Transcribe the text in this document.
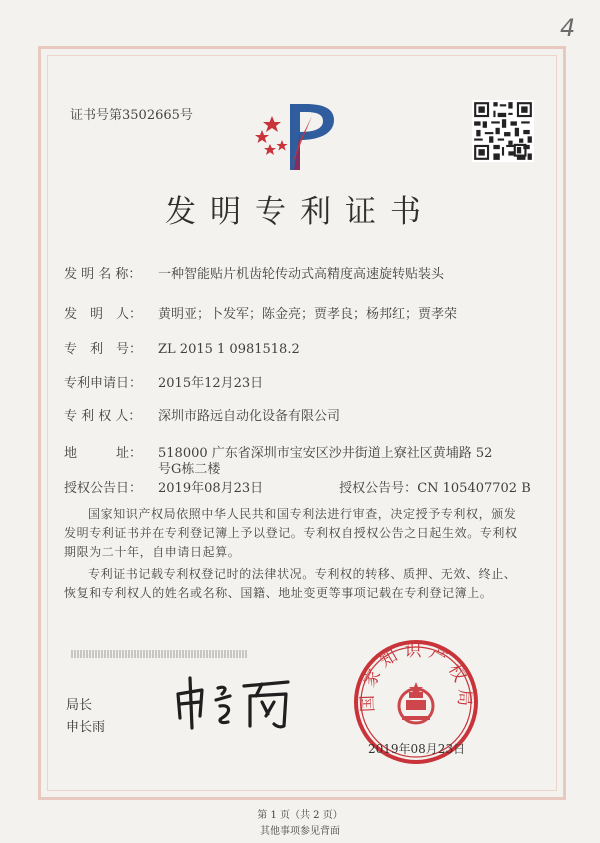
4
证书号第3502665号
发明专利证书
发 明 名 称： 一种智能贴片机齿轮传动式高精度高速旋转贴装头
发　明　人： 黄明亚；卜发军；陈金亮；贾孝良；杨邦红；贾孝荣
专　利　号： ZL 2015 1 0981518.2
专利申请日： 2015年12月23日
专 利 权 人： 深圳市路远自动化设备有限公司
地　　　址： 518000 广东省深圳市宝安区沙井街道上寮社区黄埔路 52
号G栋二楼
授权公告日： 2019年08月23日	授权公告号：CN 105407702 B
国家知识产权局依照中华人民共和国专利法进行审查，决定授予专利权，颁发发明专利证书并在专利登记簿上予以登记。专利权自授权公告之日起生效。专利权期限为二十年，自申请日起算。
专利证书记载专利权登记时的法律状况。专利权的转移、质押、无效、终止、恢复和专利权人的姓名或名称、国籍、地址变更等事项记载在专利登记簿上。
局长
申长雨
国家知识产权局
2019年08月23日
第 1 页（共 2 页）
其他事项参见背面
